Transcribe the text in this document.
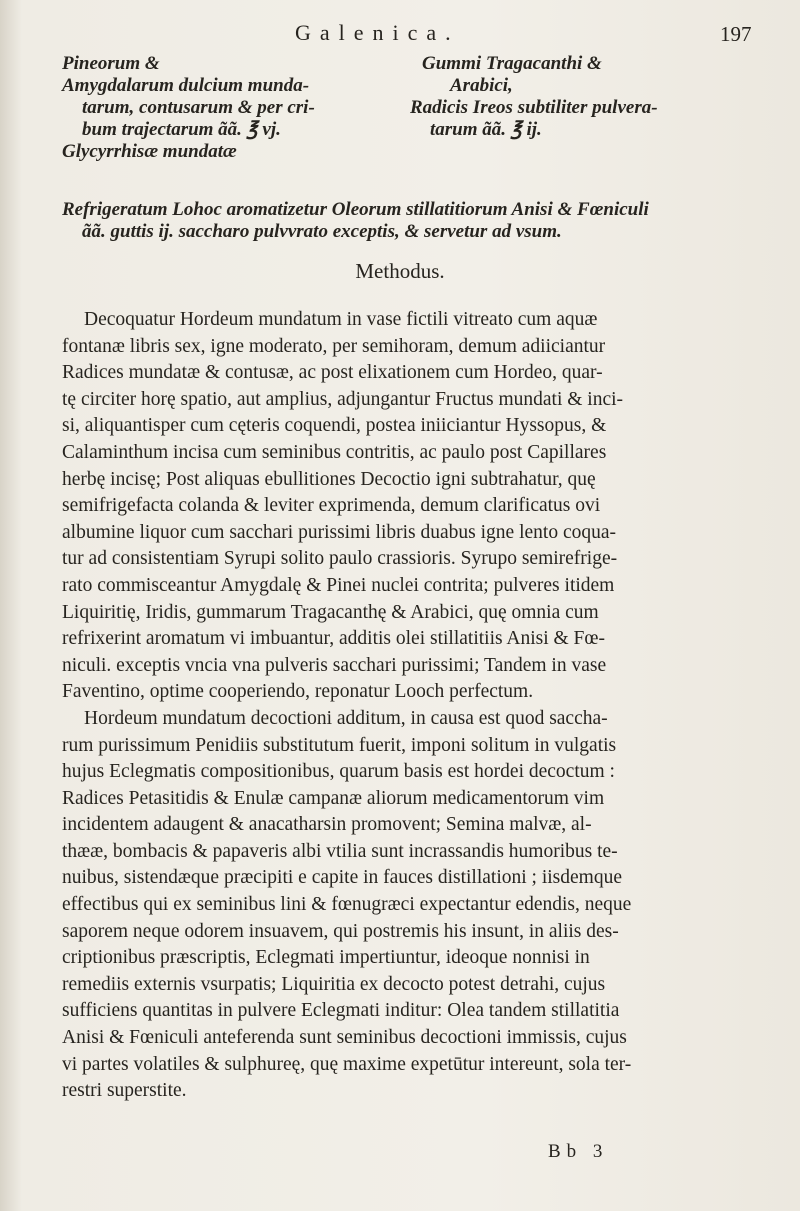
Galenica.	197
Pineorum &
Amygdalarum dulcium munda-
tarum, contusarum & per cri-
bum trajectarum ãã. ℥ vj.
Glycyrrhisæ mundatæ
Gummi Tragacanthi &
Arabici,
Radicis Ireos subtiliter pulvera-
tarum ãã. ℥ ij.
Refrigeratum Lohoc aromatizetur Oleorum stillatitiorum Anisi & Fœniculi
ãã. guttis ij. saccharo pulvvrato exceptis, & servetur ad vsum.
Methodus.
Decoquatur Hordeum mundatum in vase fictili vitreato cum aquæ
fontanæ libris sex, igne moderato, per semihoram, demum adiiciantur
Radices mundatæ & contusæ, ac post elixationem cum Hordeo, quar-
tę circiter horę spatio, aut amplius, adjungantur Fructus mundati & inci-
si, aliquantisper cum cęteris coquendi, postea iniiciantur Hyssopus, &
Calaminthum incisa cum seminibus contritis, ac paulo post Capillares
herbę incisę; Post aliquas ebullitiones Decoctio igni subtrahatur, quę
semifrigefacta colanda & leviter exprimenda, demum clarificatus ovi
albumine liquor cum sacchari purissimi libris duabus igne lento coqua-
tur ad consistentiam Syrupi solito paulo crassioris. Syrupo semirefrige-
rato commisceantur Amygdalę & Pinei nuclei contrita; pulveres itidem
Liquiritię, Iridis, gummarum Tragacanthę & Arabici, quę omnia cum
refrixerint aromatum vi imbuantur, additis olei stillatitiis Anisi & Fœ-
niculi. exceptis vncia vna pulveris sacchari purissimi; Tandem in vase
Faventino, optime cooperiendo, reponatur Looch perfectum.
Hordeum mundatum decoctioni additum, in causa est quod saccha-
rum purissimum Penidiis substitutum fuerit, imponi solitum in vulgatis
hujus Eclegmatis compositionibus, quarum basis est hordei decoctum :
Radices Petasitidis & Enulæ campanæ aliorum medicamentorum vim
incidentem adaugent & anacatharsin promovent; Semina malvæ, al-
thææ, bombacis & papaveris albi vtilia sunt incrassandis humoribus te-
nuibus, sistendæque præcipiti e capite in fauces distillationi ; iisdemque
effectibus qui ex seminibus lini & fœnugræci expectantur edendis, neque
saporem neque odorem insuavem, qui postremis his insunt, in aliis des-
criptionibus præscriptis, Eclegmati impertiuntur, ideoque nonnisi in
remediis externis vsurpatis; Liquiritia ex decocto potest detrahi, cujus
sufficiens quantitas in pulvere Eclegmati inditur: Olea tandem stillatitia
Anisi & Fœniculi anteferenda sunt seminibus decoctioni immissis, cujus
vi partes volatiles & sulphureę, quę maxime expetūtur intereunt, sola ter-
restri superstite.
Bb 3
